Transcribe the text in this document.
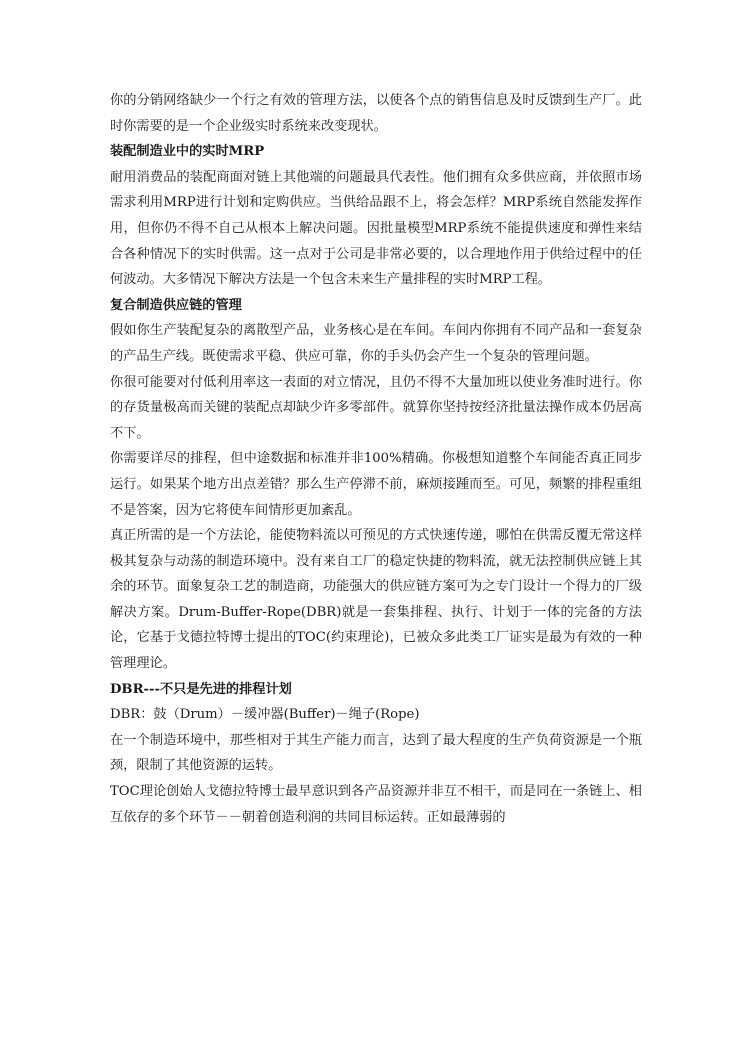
你的分销网络缺少一个行之有效的管理方法，以使各个点的销售信息及时反馈到生产厂。此时你需要的是一个企业级实时系统来改变现状。

装配制造业中的实时MRP

耐用消费品的装配商面对链上其他端的问题最具代表性。他们拥有众多供应商，并依照市场需求利用MRP进行计划和定购供应。当供给品跟不上，将会怎样？MRP系统自然能发挥作用，但你仍不得不自己从根本上解决问题。因批量模型MRP系统不能提供速度和弹性来结合各种情况下的实时供需。这一点对于公司是非常必要的，以合理地作用于供给过程中的任何波动。大多情况下解决方法是一个包含未来生产量排程的实时MRP工程。

复合制造供应链的管理

假如你生产装配复杂的离散型产品，业务核心是在车间。车间内你拥有不同产品和一套复杂的产品生产线。既使需求平稳、供应可靠，你的手头仍会产生一个复杂的管理问题。

你很可能要对付低利用率这一表面的对立情况，且仍不得不大量加班以使业务准时进行。你的存货量极高而关键的装配点却缺少许多零部件。就算你坚持按经济批量法操作成本仍居高不下。

你需要详尽的排程，但中途数据和标准并非100%精确。你极想知道整个车间能否真正同步运行。如果某个地方出点差错？那么生产停滞不前，麻烦接踵而至。可见，频繁的排程重组不是答案，因为它将使车间情形更加紊乱。

真正所需的是一个方法论，能使物料流以可预见的方式快速传递，哪怕在供需反覆无常这样极其复杂与动荡的制造环境中。没有来自工厂的稳定快捷的物料流，就无法控制供应链上其余的环节。面象复杂工艺的制造商，功能强大的供应链方案可为之专门设计一个得力的厂级解决方案。Drum-Buffer-Rope(DBR)就是一套集排程、执行、计划于一体的完备的方法论，它基于戈德拉特博士提出的TOC(约束理论)，已被众多此类工厂证实是最为有效的一种管理理论。

DBR---不只是先进的排程计划

DBR：鼓（Drum）－缓冲器(Buffer)－绳子(Rope)

在一个制造环境中，那些相对于其生产能力而言，达到了最大程度的生产负荷资源是一个瓶颈，限制了其他资源的运转。

TOC理论创始人戈德拉特博士最早意识到各产品资源并非互不相干，而是同在一条链上、相互依存的多个环节－－朝着创造利润的共同目标运转。正如最薄弱的
